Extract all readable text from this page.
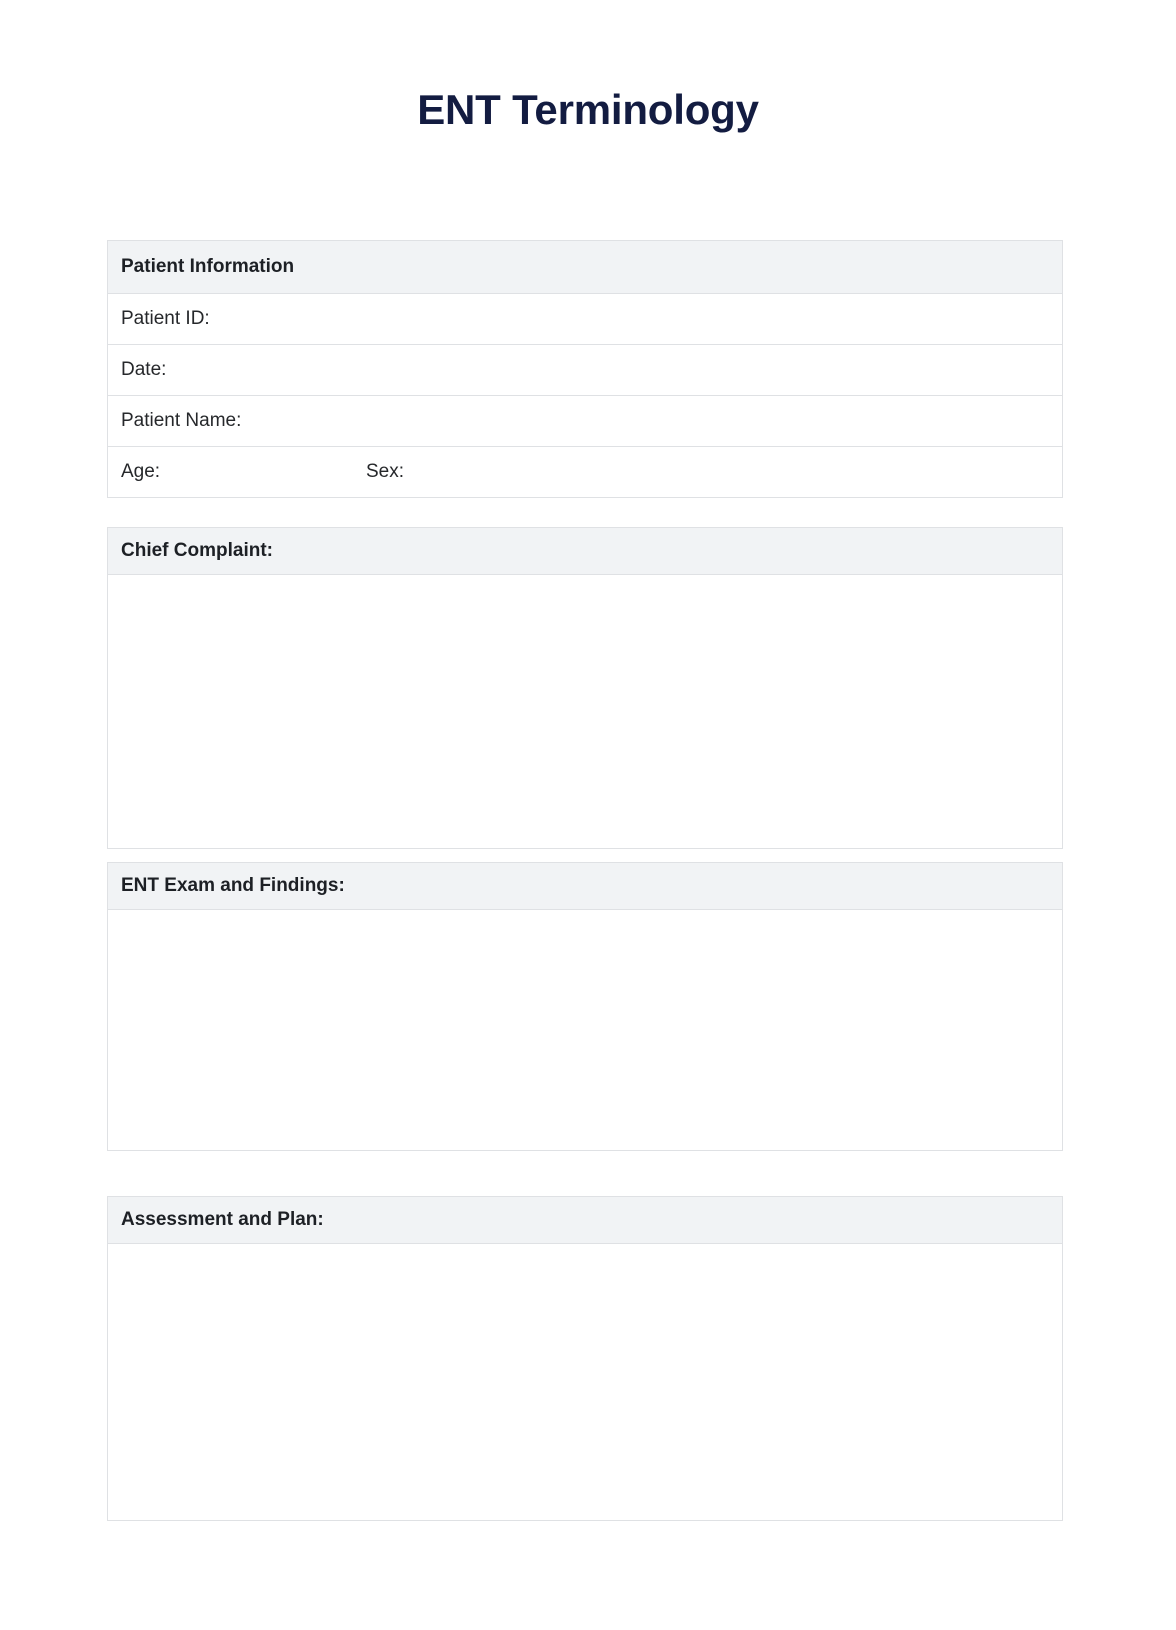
ENT Terminology
Patient Information
Patient ID:
Date:
Patient Name:
Age:	Sex:
Chief Complaint:
ENT Exam and Findings:
Assessment and Plan:
